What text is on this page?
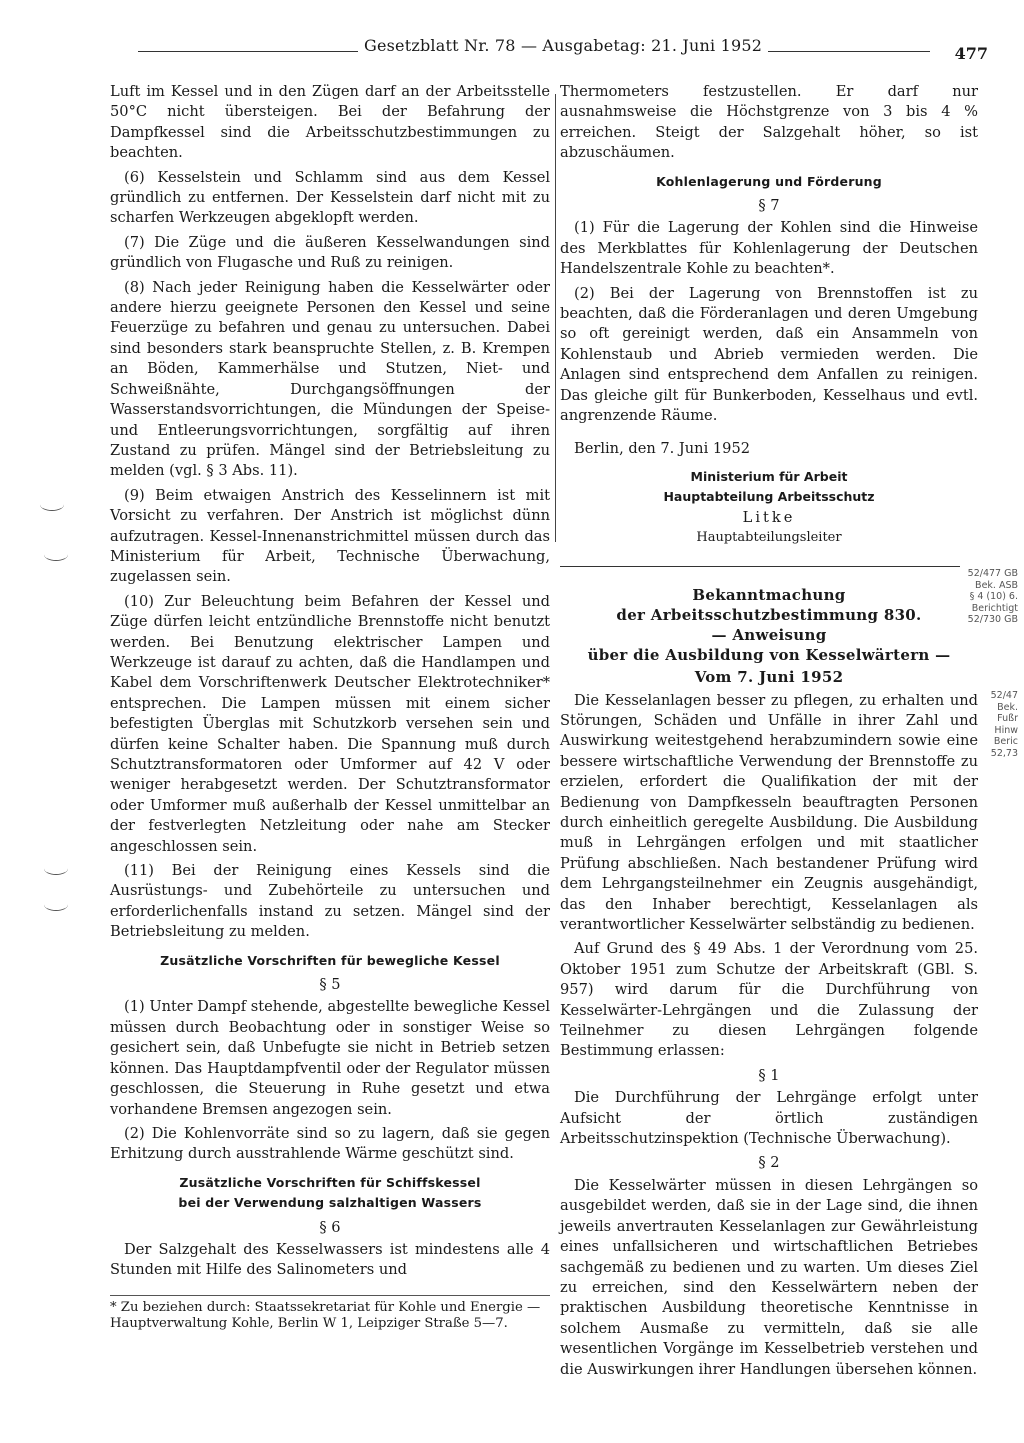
Gesetzblatt Nr. 78 — Ausgabetag: 21. Juni 1952	477

Luft im Kessel und in den Zügen darf an der Arbeitsstelle 50°C nicht übersteigen. Bei der Befahrung der Dampfkessel sind die Arbeitsschutzbestimmungen zu beachten.

(6) Kesselstein und Schlamm sind aus dem Kessel gründlich zu entfernen. Der Kesselstein darf nicht mit zu scharfen Werkzeugen abgeklopft werden.

(7) Die Züge und die äußeren Kesselwandungen sind gründlich von Flugasche und Ruß zu reinigen.

(8) Nach jeder Reinigung haben die Kesselwärter oder andere hierzu geeignete Personen den Kessel und seine Feuerzüge zu befahren und genau zu untersuchen. Dabei sind besonders stark beanspruchte Stellen, z. B. Krempen an Böden, Kammerhälse und Stutzen, Niet- und Schweißnähte, Durchgangsöffnungen der Wasserstandsvorrichtungen, die Mündungen der Speise- und Entleerungsvorrichtungen, sorgfältig auf ihren Zustand zu prüfen. Mängel sind der Betriebsleitung zu melden (vgl. § 3 Abs. 11).

(9) Beim etwaigen Anstrich des Kesselinnern ist mit Vorsicht zu verfahren. Der Anstrich ist möglichst dünn aufzutragen. Kessel-Innenanstrichmittel müssen durch das Ministerium für Arbeit, Technische Überwachung, zugelassen sein.

(10) Zur Beleuchtung beim Befahren der Kessel und Züge dürfen leicht entzündliche Brennstoffe nicht benutzt werden. Bei Benutzung elektrischer Lampen und Werkzeuge ist darauf zu achten, daß die Handlampen und Kabel dem Vorschriftenwerk Deutscher Elektrotechniker* entsprechen. Die Lampen müssen mit einem sicher befestigten Überglas mit Schutzkorb versehen sein und dürfen keine Schalter haben. Die Spannung muß durch Schutztransformatoren oder Umformer auf 42 V oder weniger herabgesetzt werden. Der Schutztransformator oder Umformer muß außerhalb der Kessel unmittelbar an der festverlegten Netzleitung oder nahe am Stecker angeschlossen sein.

(11) Bei der Reinigung eines Kessels sind die Ausrüstungs- und Zubehörteile zu untersuchen und erforderlichenfalls instand zu setzen. Mängel sind der Betriebsleitung zu melden.

Zusätzliche Vorschriften für bewegliche Kessel
§ 5

(1) Unter Dampf stehende, abgestellte bewegliche Kessel müssen durch Beobachtung oder in sonstiger Weise so gesichert sein, daß Unbefugte sie nicht in Betrieb setzen können. Das Hauptdampfventil oder der Regulator müssen geschlossen, die Steuerung in Ruhe gesetzt und etwa vorhandene Bremsen angezogen sein.

(2) Die Kohlenvorräte sind so zu lagern, daß sie gegen Erhitzung durch ausstrahlende Wärme geschützt sind.

Zusätzliche Vorschriften für Schiffskessel
bei der Verwendung salzhaltigen Wassers
§ 6

Der Salzgehalt des Kesselwassers ist mindestens alle 4 Stunden mit Hilfe des Salinometers und

* Zu beziehen durch: Staatssekretariat für Kohle und Energie — Hauptverwaltung Kohle, Berlin W 1, Leipziger Straße 5—7.

Thermometers festzustellen. Er darf nur ausnahmsweise die Höchstgrenze von 3 bis 4 % erreichen. Steigt der Salzgehalt höher, so ist abzuschäumen.

Kohlenlagerung und Förderung
§ 7

(1) Für die Lagerung der Kohlen sind die Hinweise des Merkblattes für Kohlenlagerung der Deutschen Handelszentrale Kohle zu beachten*.

(2) Bei der Lagerung von Brennstoffen ist zu beachten, daß die Förderanlagen und deren Umgebung so oft gereinigt werden, daß ein Ansammeln von Kohlenstaub und Abrieb vermieden werden. Die Anlagen sind entsprechend dem Anfallen zu reinigen. Das gleiche gilt für Bunkerboden, Kesselhaus und evtl. angrenzende Räume.

Berlin, den 7. Juni 1952

Ministerium für Arbeit
Hauptabteilung Arbeitsschutz
Litke
Hauptabteilungsleiter
Bekanntmachung
der Arbeitsschutzbestimmung 830.
— Anweisung
über die Ausbildung von Kesselwärtern —
Vom 7. Juni 1952

Die Kesselanlagen besser zu pflegen, zu erhalten und Störungen, Schäden und Unfälle in ihrer Zahl und Auswirkung weitestgehend herabzumindern sowie eine bessere wirtschaftliche Verwendung der Brennstoffe zu erzielen, erfordert die Qualifikation der mit der Bedienung von Dampfkesseln beauftragten Personen durch einheitlich geregelte Ausbildung. Die Ausbildung muß in Lehrgängen erfolgen und mit staatlicher Prüfung abschließen. Nach bestandener Prüfung wird dem Lehrgangsteilnehmer ein Zeugnis ausgehändigt, das den Inhaber berechtigt, Kesselanlagen als verantwortlicher Kesselwärter selbständig zu bedienen.

Auf Grund des § 49 Abs. 1 der Verordnung vom 25. Oktober 1951 zum Schutze der Arbeitskraft (GBl. S. 957) wird darum für die Durchführung von Kesselwärter-Lehrgängen und die Zulassung der Teilnehmer zu diesen Lehrgängen folgende Bestimmung erlassen:

§ 1

Die Durchführung der Lehrgänge erfolgt unter Aufsicht der örtlich zuständigen Arbeitsschutzinspektion (Technische Überwachung).

§ 2

Die Kesselwärter müssen in diesen Lehrgängen so ausgebildet werden, daß sie in der Lage sind, die ihnen jeweils anvertrauten Kesselanlagen zur Gewährleistung eines unfallsicheren und wirtschaftlichen Betriebes sachgemäß zu bedienen und zu warten. Um dieses Ziel zu erreichen, sind den Kesselwärtern neben der praktischen Ausbildung theoretische Kenntnisse in solchem Ausmaße zu vermitteln, daß sie alle wesentlichen Vorgänge im Kesselbetrieb verstehen und die Auswirkungen ihrer Handlungen übersehen können.

52/477 GB
Bek. ASB
§ 4 (10) 6.
Berichtigt
52/730 GB
52/47
Bek.
Fußr
Hinw
Beric
52,73
